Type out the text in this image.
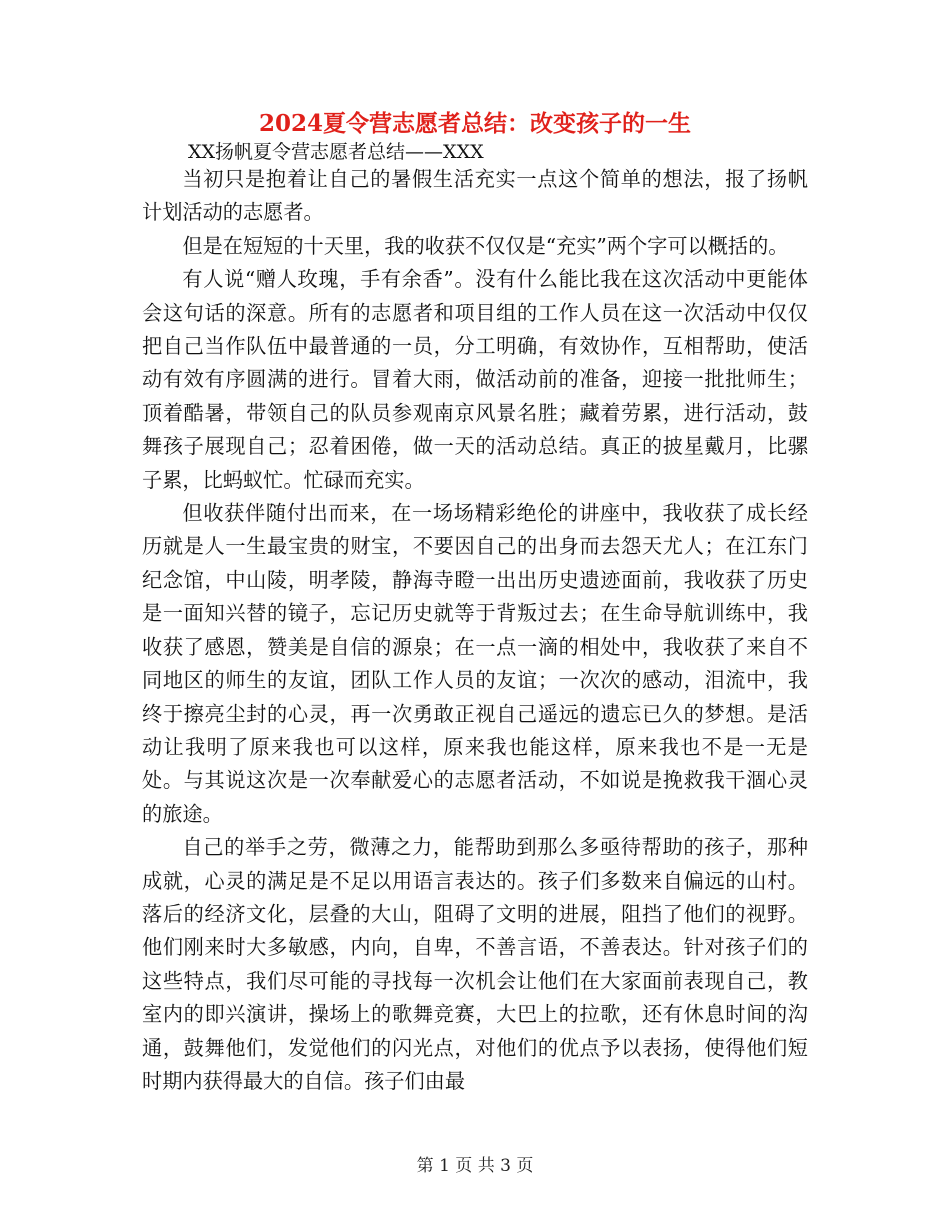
2024夏令营志愿者总结：改变孩子的一生
XX扬帆夏令营志愿者总结——XXX

当初只是抱着让自己的暑假生活充实一点这个简单的想法，报了扬帆计划活动的志愿者。

但是在短短的十天里，我的收获不仅仅是“充实”两个字可以概括的。

有人说“赠人玫瑰，手有余香”。没有什么能比我在这次活动中更能体会这句话的深意。所有的志愿者和项目组的工作人员在这一次活动中仅仅把自己当作队伍中最普通的一员，分工明确，有效协作，互相帮助，使活动有效有序圆满的进行。冒着大雨，做活动前的准备，迎接一批批师生；顶着酷暑，带领自己的队员参观南京风景名胜；藏着劳累，进行活动，鼓舞孩子展现自己；忍着困倦，做一天的活动总结。真正的披星戴月，比骡子累，比蚂蚁忙。忙碌而充实。

但收获伴随付出而来，在一场场精彩绝伦的讲座中，我收获了成长经历就是人一生最宝贵的财宝，不要因自己的出身而去怨天尤人；在江东门纪念馆，中山陵，明孝陵，静海寺瞪一出出历史遗迹面前，我收获了历史是一面知兴替的镜子，忘记历史就等于背叛过去；在生命导航训练中，我收获了感恩，赞美是自信的源泉；在一点一滴的相处中，我收获了来自不同地区的师生的友谊，团队工作人员的友谊；一次次的感动，泪流中，我终于擦亮尘封的心灵，再一次勇敢正视自己遥远的遗忘已久的梦想。是活动让我明了原来我也可以这样，原来我也能这样，原来我也不是一无是处。与其说这次是一次奉献爱心的志愿者活动，不如说是挽救我干涸心灵的旅途。

自己的举手之劳，微薄之力，能帮助到那么多亟待帮助的孩子，那种成就，心灵的满足是不足以用语言表达的。孩子们多数来自偏远的山村。落后的经济文化，层叠的大山，阻碍了文明的进展，阻挡了他们的视野。他们刚来时大多敏感，内向，自卑，不善言语，不善表达。针对孩子们的这些特点，我们尽可能的寻找每一次机会让他们在大家面前表现自己，教室内的即兴演讲，操场上的歌舞竞赛，大巴上的拉歌，还有休息时间的沟通，鼓舞他们，发觉他们的闪光点，对他们的优点予以表扬，使得他们短时期内获得最大的自信。孩子们由最

第 1 页 共 3 页
